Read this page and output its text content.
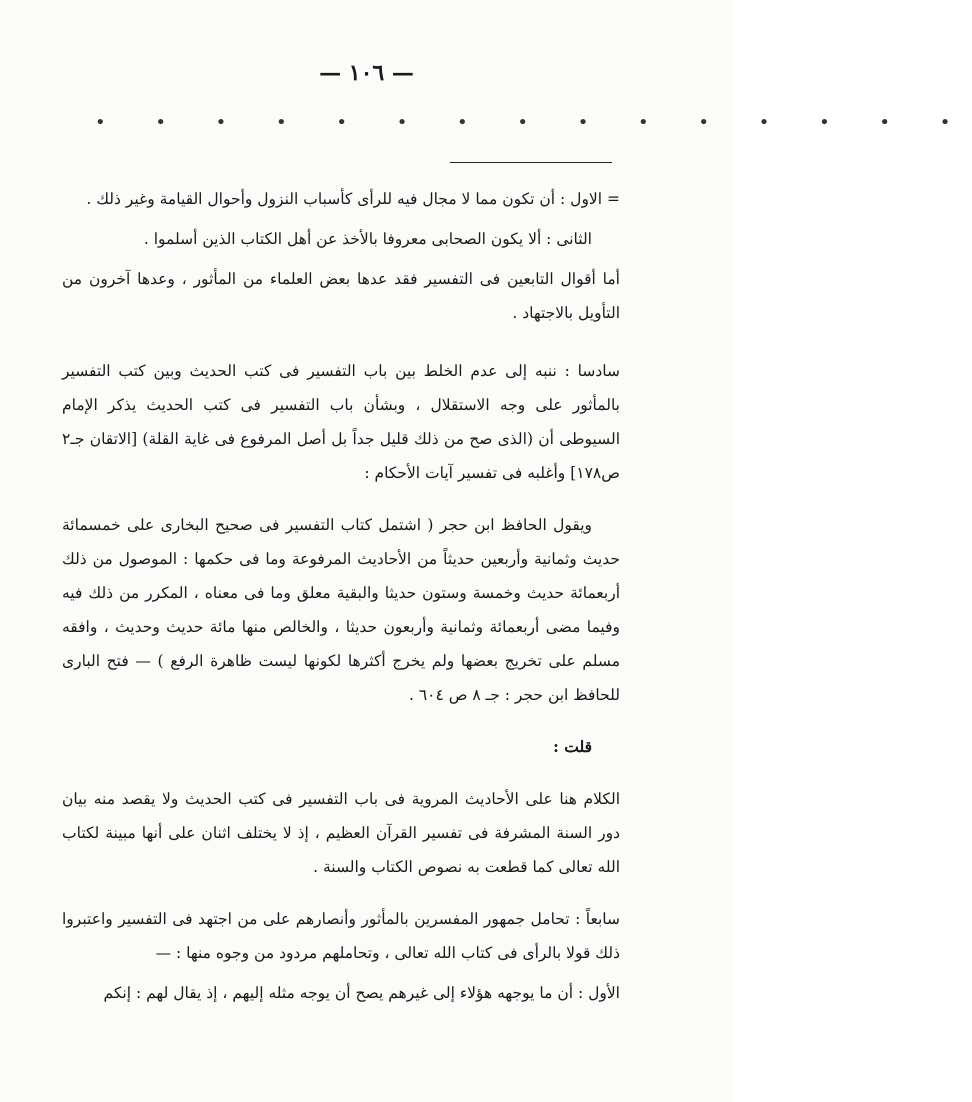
— ١٠٦ —
• • • • • • • • • • • • • • •

= الاول : أن تكون مما لا مجال فيه للرأى كأسباب النزول وأحوال القيامة وغير ذلك .

الثانى : ألا يكون الصحابى معروفا بالأخذ عن أهل الكتاب الذين أسلموا .

أما أقوال التابعين فى التفسير فقد عدها بعض العلماء من المأثور ، وعدها آخرون من التأويل بالاجتهاد .

سادسا : ننبه إلى عدم الخلط بين باب التفسير فى كتب الحديث وبين كتب التفسير بالمأثور على وجه الاستقلال ، وبشأن باب التفسير فى كتب الحديث يذكر الإمام السيوطى أن (الذى صح من ذلك قليل جداً بل أصل المرفوع فى غاية القلة) [الاتقان جـ٢ ص١٧٨] وأغلبه فى تفسير آيات الأحكام :

ويقول الحافظ ابن حجر ( اشتمل كتاب التفسير فى صحيح البخارى على خمسمائة حديث وثمانية وأربعين حديثاً من الأحاديث المرفوعة وما فى حكمها : الموصول من ذلك أربعمائة حديث وخمسة وستون حديثا والبقية معلق وما فى معناه ، المكرر من ذلك فيه وفيما مضى أربعمائة وثمانية وأربعون حديثا ، والخالص منها مائة حديث وحديث ، وافقه مسلم على تخريج بعضها ولم يخرج أكثرها لكونها ليست ظاهرة الرفع ) — فتح البارى للحافظ ابن حجر : جـ ٨ ص ٦٠٤ .

قلت :

الكلام هنا على الأحاديث المروية فى باب التفسير فى كتب الحديث ولا يقصد منه بيان دور السنة المشرفة فى تفسير القرآن العظيم ، إذ لا يختلف اثنان على أنها مبينة لكتاب الله تعالى كما قطعت به نصوص الكتاب والسنة .

سابعاً : تحامل جمهور المفسرين بالمأثور وأنصارهم على من اجتهد فى التفسير واعتبروا ذلك قولا بالرأى فى كتاب الله تعالى ، وتحاملهم مردود من وجوه منها : —

الأول : أن ما يوجهه هؤلاء إلى غيرهم يصح أن يوجه مثله إليهم ، إذ يقال لهم : إنكم
